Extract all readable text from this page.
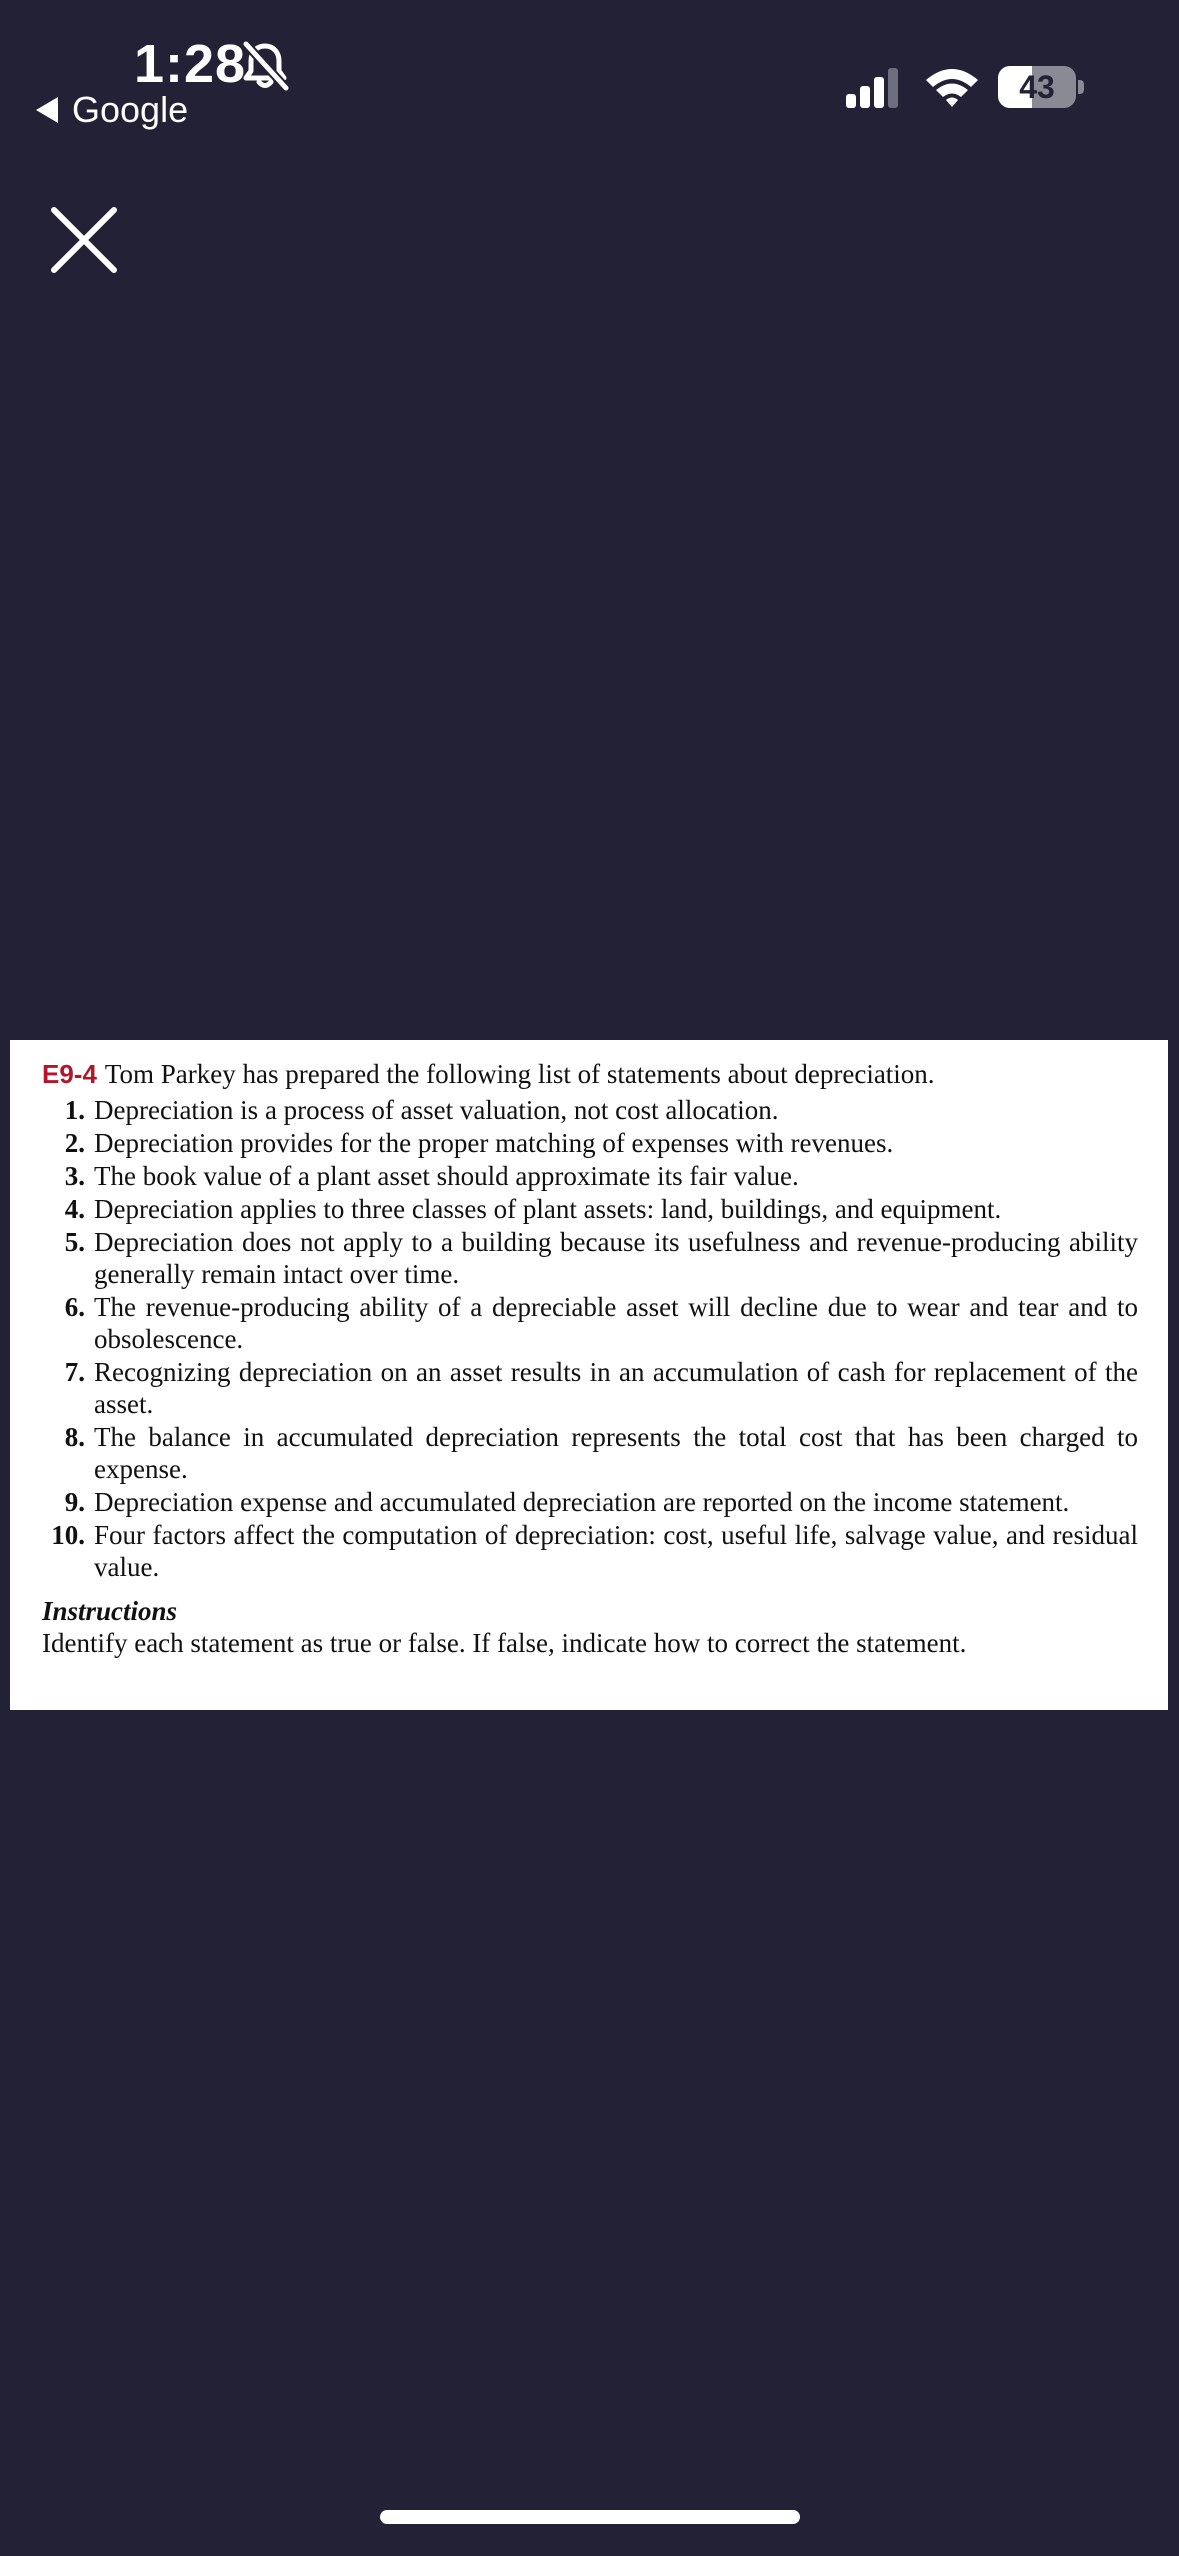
1:28
Google
43
E9-4 Tom Parkey has prepared the following list of statements about depreciation.
1. Depreciation is a process of asset valuation, not cost allocation.
2. Depreciation provides for the proper matching of expenses with revenues.
3. The book value of a plant asset should approximate its fair value.
4. Depreciation applies to three classes of plant assets: land, buildings, and equipment.
5. Depreciation does not apply to a building because its usefulness and revenue-producing ability generally remain intact over time.
6. The revenue-producing ability of a depreciable asset will decline due to wear and tear and to obsolescence.
7. Recognizing depreciation on an asset results in an accumulation of cash for replacement of the asset.
8. The balance in accumulated depreciation represents the total cost that has been charged to expense.
9. Depreciation expense and accumulated depreciation are reported on the income statement.
10. Four factors affect the computation of depreciation: cost, useful life, salvage value, and residual value.
Instructions
Identify each statement as true or false. If false, indicate how to correct the statement.
